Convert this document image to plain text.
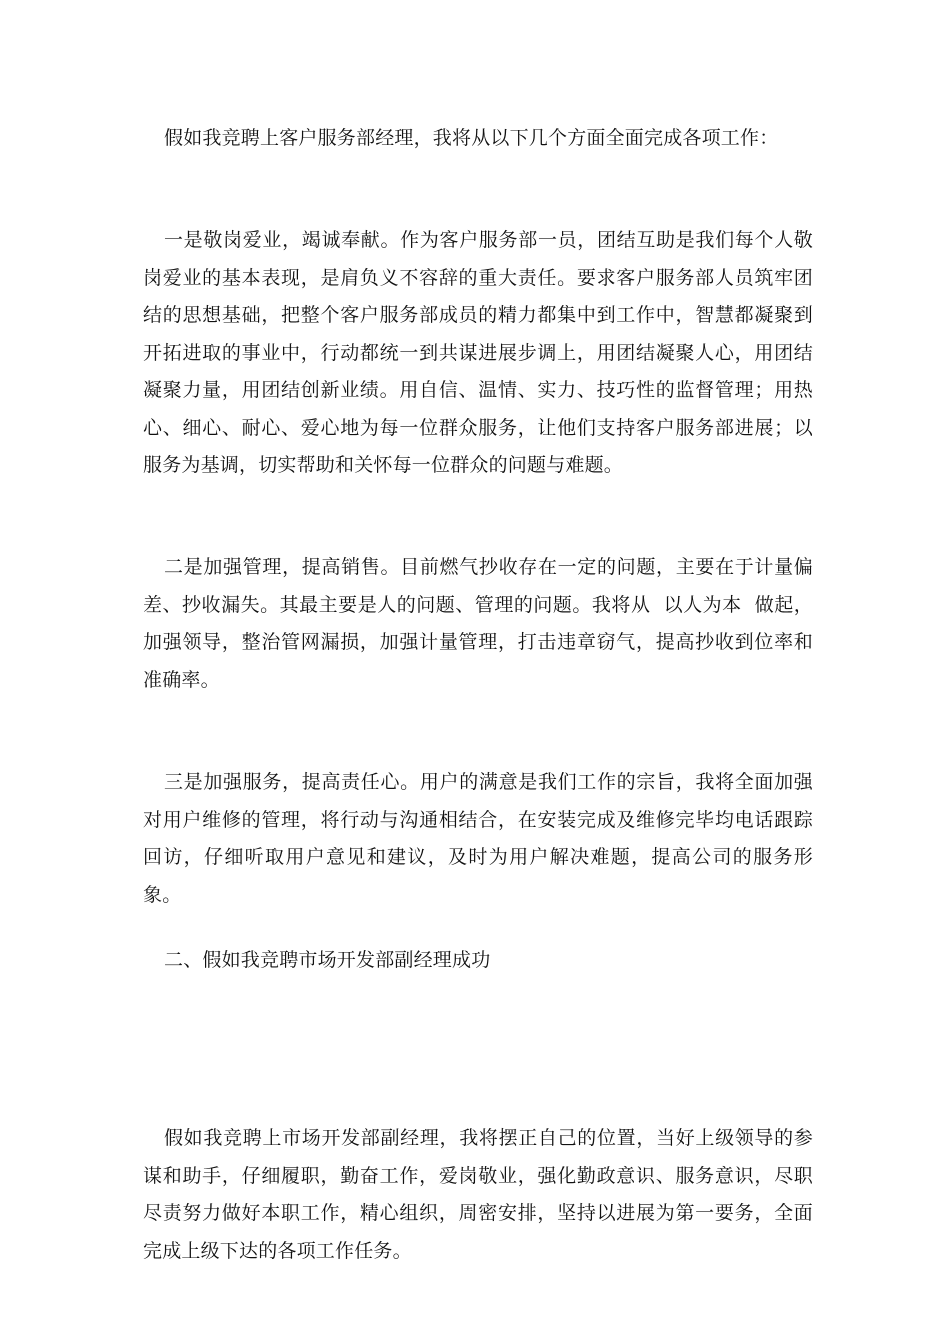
假如我竞聘上客户服务部经理，我将从以下几个方面全面完成各项工作：

一是敬岗爱业，竭诚奉献。作为客户服务部一员，团结互助是我们每个人敬岗爱业的基本表现，是肩负义不容辞的重大责任。要求客户服务部人员筑牢团结的思想基础，把整个客户服务部成员的精力都集中到工作中，智慧都凝聚到开拓进取的事业中，行动都统一到共谋进展步调上，用团结凝聚人心，用团结凝聚力量，用团结创新业绩。用自信、温情、实力、技巧性的监督管理；用热心、细心、耐心、爱心地为每一位群众服务，让他们支持客户服务部进展；以服务为基调，切实帮助和关怀每一位群众的问题与难题。

二是加强管理，提高销售。目前燃气抄收存在一定的问题，主要在于计量偏差、抄收漏失。其最主要是人的问题、管理的问题。我将从  以人为本  做起，加强领导，整治管网漏损，加强计量管理，打击违章窃气，提高抄收到位率和准确率。

三是加强服务，提高责任心。用户的满意是我们工作的宗旨，我将全面加强对用户维修的管理，将行动与沟通相结合，在安装完成及维修完毕均电话跟踪回访，仔细听取用户意见和建议，及时为用户解决难题，提高公司的服务形象。

二、假如我竞聘市场开发部副经理成功

假如我竞聘上市场开发部副经理，我将摆正自己的位置，当好上级领导的参谋和助手，仔细履职，勤奋工作，爱岗敬业，强化勤政意识、服务意识，尽职尽责努力做好本职工作，精心组织，周密安排，坚持以进展为第一要务，全面完成上级下达的各项工作任务。
